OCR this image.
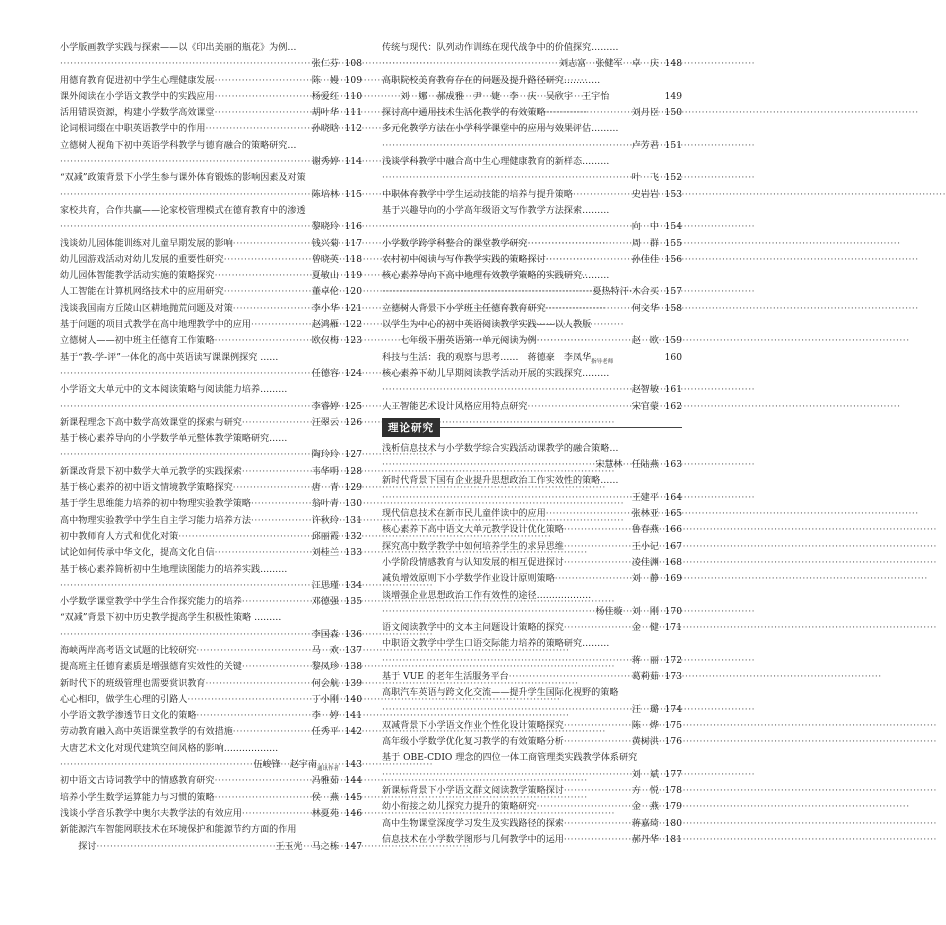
小学版画教学实践与探索——以《印出美丽的瓶花》为例…
·····
张仁芬 108
用德育教育促进初中学生心理健康发展 ·····	陈　嫚 109
课外阅读在小学语文教学中的实践应用 ·····	杨爱红 110
活用错误资源，构建小学数学高效课堂 ·····	胡叶华 111
论词根词缀在中职英语教学中的作用 ·····	孙晓晗 112
立德树人视角下初中英语学科教学与德育融合的策略研究…
·····
谢秀婷 114
“双减”政策背景下小学生参与课外体育锻炼的影响因素及对策
·····
陈培林 115
家校共育，合作共赢——论家校管理模式在德育教育中的渗透
·····
黎晓玲 116
浅谈幼儿园体能训练对儿童早期发展的影响 ·····	钱兴菊 117
幼儿园游戏活动对幼儿发展的重要性研究 ·····	曾晓英 118
幼儿园体智能教学活动实施的策略探究 ·····	夏敏山 119
人工智能在计算机网络技术中的应用研究 ·····	董卓伦 120
浅谈我国南方丘陵山区耕地抛荒问题及对策 ·····	李小华 121
基于问题的项目式教学在高中地理教学中的应用 ·····	赵鸿雁 122
立德树人——初中班主任德育工作策略 ·····	欧仅梅 123
基于“教-学-评”一体化的高中英语读写课课例探究 ……
·····
任德容 124
小学语文大单元中的文本阅读策略与阅读能力培养………
·····
李睿婷 125
新课程理念下高中数学高效课堂的探索与研究 ·····	汪翠云 126
基于核心素养导向的小学数学单元整体教学策略研究……
·····
陶玲玲 127
新课改背景下初中数学大单元教学的实践探索 ·····	韦华明 128
基于核心素养的初中语文情境教学策略探究 ·····	唐　青 129
基于学生思维能力培养的初中物理实验教学策略 ·····	翁叶青 130
高中物理实验教学中学生自主学习能力培养方法 ·····	许秋玲 131
初中教师育人方式和优化对策 ·····	邱丽霞 132
试论如何传承中华文化，提高文化自信 ·····	刘桂兰 133
基于核心素养简析初中生地理读图能力的培养实践………
·····
江思瑾 134
小学数学课堂教学中学生合作探究能力的培养 ·····	邓德强 135
“双减”背景下初中历史教学提高学生积极性策略 ………
·····
李国森 136
海峡两岸高考语文试题的比较研究 ·····	马　欢 137
提高班主任德育素质是增强德育实效性的关键 ·····	黎凤珍 138
新时代下的班级管理也需要赏识教育 ·····	何会航 139
心心相印，做学生心理的引路人 ·····	丁小刚 140
小学语文教学渗透节日文化的策略 ·····	李　婷 141
劳动教育融入高中英语课堂教学的有效措施 ·····	任秀平 142
大唐艺术文化对现代建筑空间风格的影响………………
·····
伍峻锋　赵宇南$_{通讯作者}$ 143
初中语文古诗词教学中的情感教育研究 ·····	冯雅茹 144
培养小学生数学运算能力与习惯的策略 ·····	侯　燕 145
浅谈小学音乐教学中奥尔夫教学法的有效应用 ·····	林夏苑 146
新能源汽车智能网联技术在环境保护和能源节约方面的作用
　　探讨 ·····	王玉光　马之栋 147
传统与现代：队列动作训练在现代战争中的价值探究………
·····
刘志富　张健军　卓　庆 148
高职院校美育教育存在的问题及提升路径研究…………
　　刘　娜　郝成雅　尹　婕　李　庆　吴欣宇　王宇怡	149
探讨高中通用技术生活化教学的有效策略 ·····	刘月臣 150
多元化教学方法在小学科学课堂中的应用与效果评估………
·····
卢芳君 151
浅谈学科教学中融合高中生心理健康教育的新样态………
·····
叶　飞 152
中职体育教学中学生运动技能的培养与提升策略 ·····	史岩岩 153
基于兴趣导向的小学高年级语文写作教学方法探索………
·····
向　中 154
小学数学跨学科整合的课堂教学研究 ·····	周　群 155
农村初中阅读与写作教学实践的策略探讨 ·····	孙佳佳 156
核心素养导向下高中地理有效教学策略的实践研究………
·····
夏热特汗·木合买 157
立德树人背景下小学班主任德育教育研究 ·····	何文华 158
以学生为中心的初中英语阅读教学实践——以人教版
　　七年级下册英语第一单元阅读为例 ·····	赵　欧 159
科技与生活：我的观察与思考……　蒋德豪　李凤华$_{指导老师}$	160
核心素养下幼儿早期阅读教学活动开展的实践探究………
·····
赵智敏 161
人工智能艺术设计风格应用特点研究 ·····	宋官蒙 162
理论研究
浅析信息技术与小学数学综合实践活动课教学的融合策略…
·····
宋慧林　任陆燕 163
新时代背景下国有企业提升思想政治工作实效性的策略……
·····
王建平 164
现代信息技术在新市民儿童伴读中的应用 ·····	张林亚 165
核心素养下高中语文大单元教学设计优化策略 ·····	鲁春燕 166
探究高中数学教学中如何培养学生的求异思维 ·····	王小记 167
小学阶段情感教育与认知发展的相互促进探讨 ·····	凌佳渊 168
减负增效原则下小学数学作业设计原则策略 ·····	刘　静 169
谈增强企业思想政治工作有效性的途径………………
·····
杨佳璇　刘　刚 170
语文阅读教学中的文本主问题设计策略的探究 ·····	金　健 171
中职语文教学中学生口语交际能力培养的策略研究………
·····
蒋　丽 172
基于 VUE 的老年生活服务平台 ·····	葛莉茹 173
高职汽车英语与跨文化交流——提升学生国际化视野的策略
·····
汪　璐 174
双减背景下小学语文作业个性化设计策略探究 ·····	陈　烨 175
高年级小学数学优化复习教学的有效策略分析 ·····	黄树洪 176
基于 OBE-CDIO 理念的四位一体工商管理类实践教学体系研究
·····
刘　斌 177
新课标背景下小学语文群文阅读教学策略探讨 ·····	方　悦 178
幼小衔接之幼儿探究力提升的策略研究 ·····	金　燕 179
高中生物课堂深度学习发生及实践路径的探索 ·····	蒋嘉琦 180
信息技术在小学数学图形与几何教学中的运用 ·····	郝丹华 181
